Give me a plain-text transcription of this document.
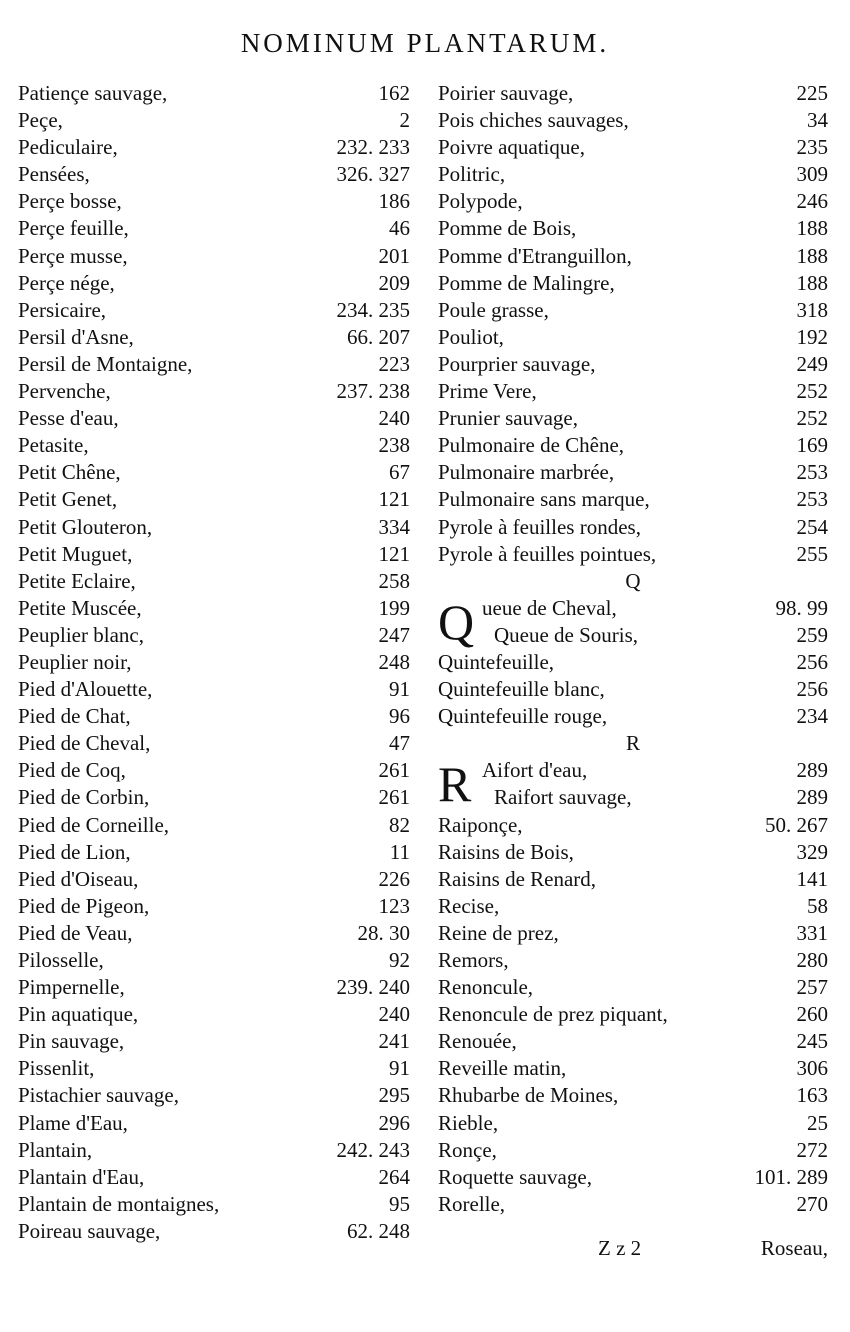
NOMINUM PLANTARUM.
Patiençe sauvage,	162
Peçe,	2
Pediculaire,	232. 233
Pensées,	326. 327
Perçe bosse,	186
Perçe feuille,	46
Perçe musse,	201
Perçe nége,	209
Persicaire,	234. 235
Persil d'Asne,	66. 207
Persil de Montaigne,	223
Pervenche,	237. 238
Pesse d'eau,	240
Petasite,	238
Petit Chêne,	67
Petit Genet,	121
Petit Glouteron,	334
Petit Muguet,	121
Petite Eclaire,	258
Petite Muscée,	199
Peuplier blanc,	247
Peuplier noir,	248
Pied d'Alouette,	91
Pied de Chat,	96
Pied de Cheval,	47
Pied de Coq,	261
Pied de Corbin,	261
Pied de Corneille,	82
Pied de Lion,	11
Pied d'Oiseau,	226
Pied de Pigeon,	123
Pied de Veau,	28. 30
Pilosselle,	92
Pimpernelle,	239. 240
Pin aquatique,	240
Pin sauvage,	241
Pissenlit,	91
Pistachier sauvage,	295
Plame d'Eau,	296
Plantain,	242. 243
Plantain d'Eau,	264
Plantain de montaignes,	95
Poireau sauvage,	62. 248
Poirier sauvage,	225
Pois chiches sauvages,	34
Poivre aquatique,	235
Politric,	309
Polypode,	246
Pomme de Bois,	188
Pomme d'Etranguillon,	188
Pomme de Malingre,	188
Poule grasse,	318
Pouliot,	192
Pourprier sauvage,	249
Prime Vere,	252
Prunier sauvage,	252
Pulmonaire de Chêne,	169
Pulmonaire marbrée,	253
Pulmonaire sans marque,	253
Pyrole à feuilles rondes,	254
Pyrole à feuilles pointues,	255
Q
Q ueue de Cheval,	98. 99
Queue de Souris,	259
Quintefeuille,	256
Quintefeuille blanc,	256
Quintefeuille rouge,	234
R
R Aifort d'eau,	289
Raifort sauvage,	289
Raiponçe,	50. 267
Raisins de Bois,	329
Raisins de Renard,	141
Recise,	58
Reine de prez,	331
Remors,	280
Renoncule,	257
Renoncule de prez piquant,	260
Renouée,	245
Reveille matin,	306
Rhubarbe de Moines,	163
Rieble,	25
Ronçe,	272
Roquette sauvage,	101. 289
Rorelle,	270
Z z 2	Roseau,
